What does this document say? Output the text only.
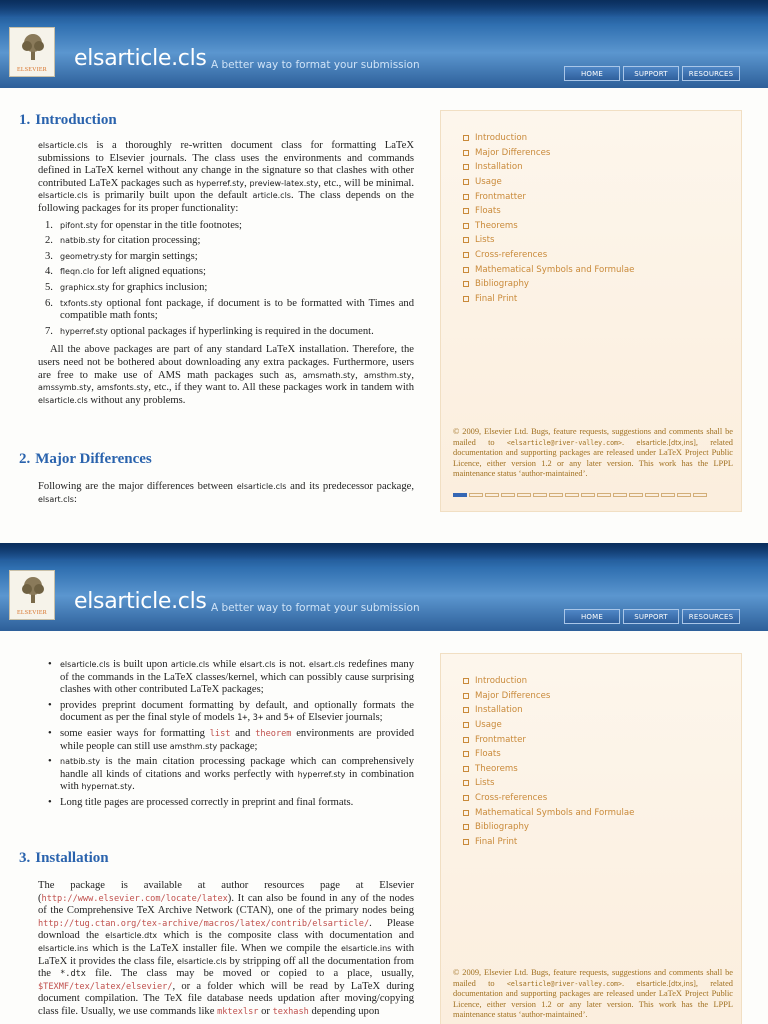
ELSEVIER	elsarticle.cls A better way to format your submission
HOME	SUPPORT	RESOURCES
1. Introduction

elsarticle.cls is a thoroughly re-written document class for formatting LaTeX submissions to Elsevier journals. The class uses the environments and commands defined in LaTeX kernel without any change in the signature so that clashes with other contributed LaTeX packages such as hyperref.sty, preview-latex.sty, etc., will be minimal. elsarticle.cls is primarily built upon the default article.cls. The class depends on the following packages for its proper functionality:

1. pifont.sty for openstar in the title footnotes;
2. natbib.sty for citation processing;
3. geometry.sty for margin settings;
4. fleqn.clo for left aligned equations;
5. graphicx.sty for graphics inclusion;
6. txfonts.sty optional font package, if document is to be formatted with Times and compatible math fonts;
7. hyperref.sty optional packages if hyperlinking is required in the document.

All the above packages are part of any standard LaTeX installation. Therefore, the users need not be bothered about downloading any extra packages. Furthermore, users are free to make use of AMS math packages such as, amsmath.sty, amsthm.sty, amssymb.sty, amsfonts.sty, etc., if they want to. All these packages work in tandem with elsarticle.cls without any problems.

2. Major Differences

Following are the major differences between elsarticle.cls and its predecessor package, elsart.cls:

Introduction
Major Differences
Installation
Usage
Frontmatter
Floats
Theorems
Lists
Cross-references
Mathematical Symbols and Formulae
Bibliography
Final Print
© 2009, Elsevier Ltd. Bugs, feature requests, suggestions and comments shall be mailed to <elsarticle@river-valley.com>. elsarticle.[dtx,ins], related documentation and supporting packages are released under LaTeX Project Public Licence, either version 1.2 or any later version. This work has the LPPL maintenance status ‘author-maintained’.
ELSEVIER	elsarticle.cls A better way to format your submission
HOME	SUPPORT	RESOURCES
• elsarticle.cls is built upon article.cls while elsart.cls is not. elsart.cls redefines many of the commands in the LaTeX classes/kernel, which can possibly cause surprising clashes with other contributed LaTeX packages;
• provides preprint document formatting by default, and optionally formats the document as per the final style of models 1+, 3+ and 5+ of Elsevier journals;
• some easier ways for formatting list and theorem environments are provided while people can still use amsthm.sty package;
• natbib.sty is the main citation processing package which can comprehensively handle all kinds of citations and works perfectly with hyperref.sty in combination with hypernat.sty.
• Long title pages are processed correctly in preprint and final formats.
3. Installation

The package is available at author resources page at Elsevier (http://www.elsevier.com/locate/latex). It can also be found in any of the nodes of the Comprehensive TeX Archive Network (CTAN), one of the primary nodes being http://tug.ctan.org/tex-archive/macros/latex/contrib/elsarticle/. Please download the elsarticle.dtx which is the composite class with documentation and elsarticle.ins which is the LaTeX installer file. When we compile the elsarticle.ins with LaTeX it provides the class file, elsarticle.cls by stripping off all the documentation from the *.dtx file. The class may be moved or copied to a place, usually, $TEXMF/tex/latex/elsevier/, or a folder which will be read by LaTeX during document compilation. The TeX file database needs updation after moving/copying class file. Usually, we use commands like mktexlsr or texhash depending upon

Introduction
Major Differences
Installation
Usage
Frontmatter
Floats
Theorems
Lists
Cross-references
Mathematical Symbols and Formulae
Bibliography
Final Print
© 2009, Elsevier Ltd. Bugs, feature requests, suggestions and comments shall be mailed to <elsarticle@river-valley.com>. elsarticle.[dtx,ins], related documentation and supporting packages are released under LaTeX Project Public Licence, either version 1.2 or any later version. This work has the LPPL maintenance status ‘author-maintained’.
